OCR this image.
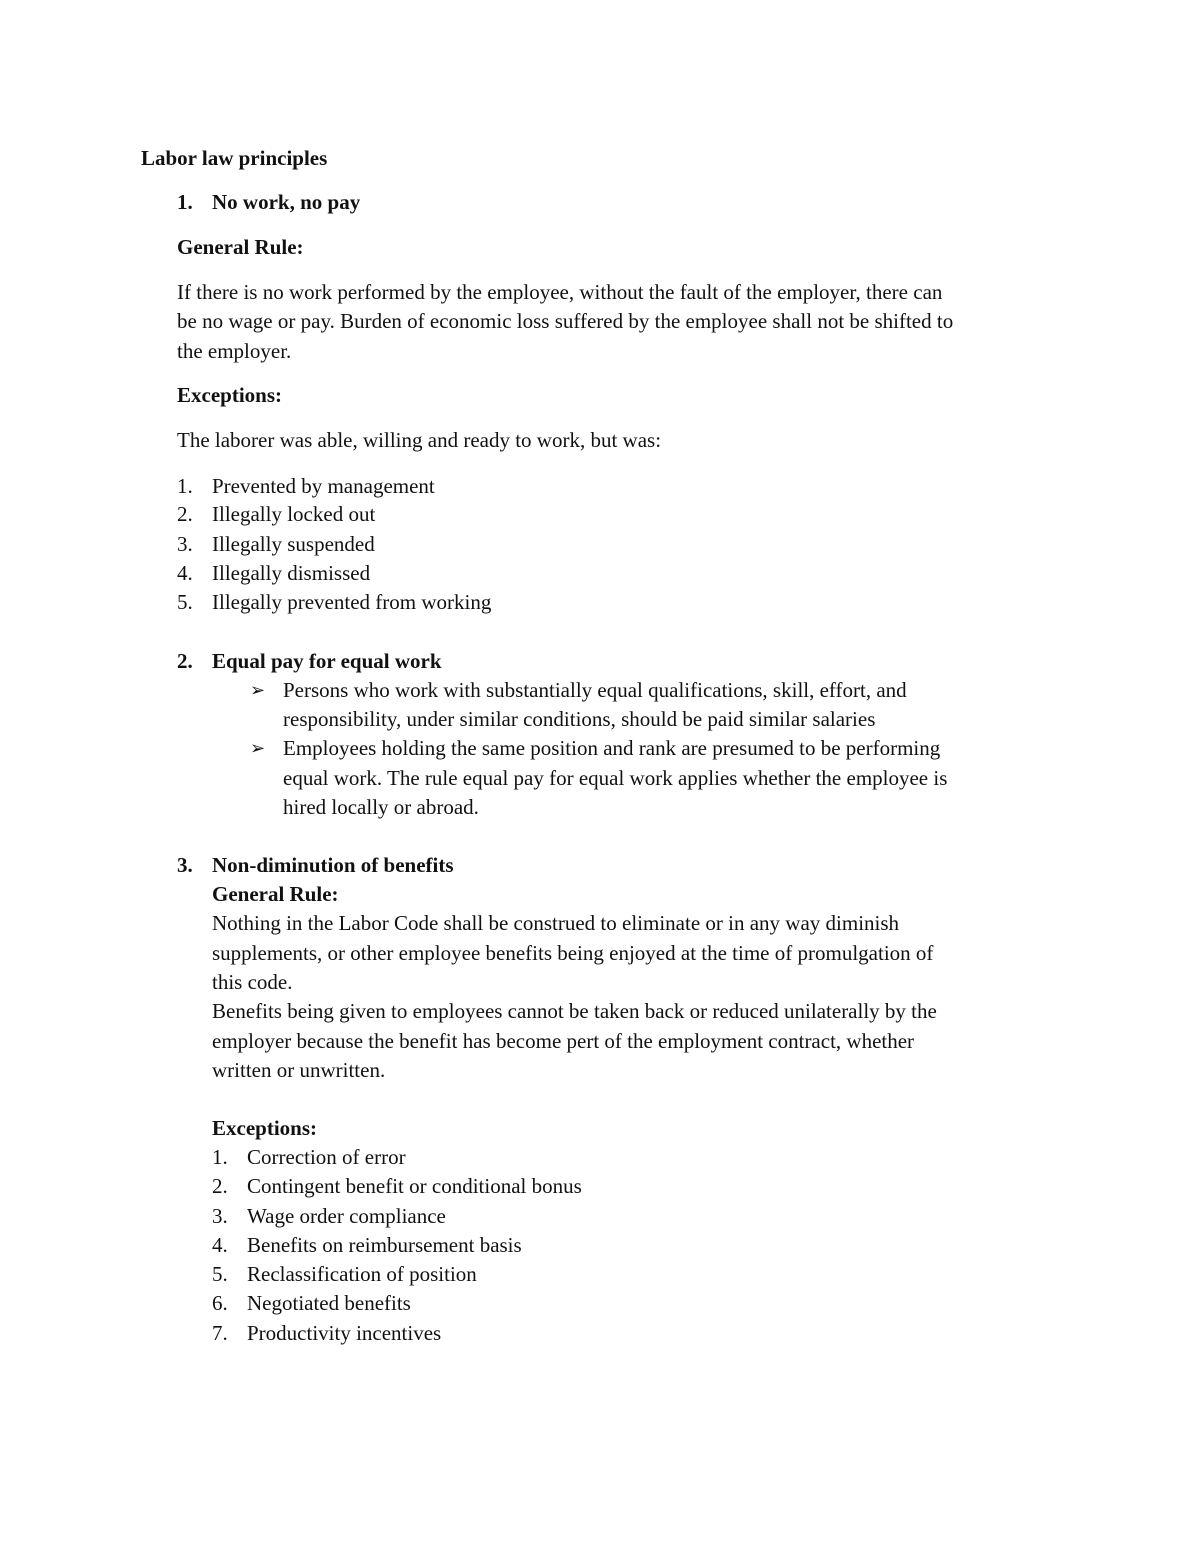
Labor law principles
1. No work, no pay
General Rule:
If there is no work performed by the employee, without the fault of the employer, there can
be no wage or pay. Burden of economic loss suffered by the employee shall not be shifted to
the employer.
Exceptions:
The laborer was able, willing and ready to work, but was:
1. Prevented by management
2. Illegally locked out
3. Illegally suspended
4. Illegally dismissed
5. Illegally prevented from working
2. Equal pay for equal work
➢ Persons who work with substantially equal qualifications, skill, effort, and
responsibility, under similar conditions, should be paid similar salaries
➢ Employees holding the same position and rank are presumed to be performing
equal work. The rule equal pay for equal work applies whether the employee is
hired locally or abroad.
3. Non-diminution of benefits
General Rule:
Nothing in the Labor Code shall be construed to eliminate or in any way diminish
supplements, or other employee benefits being enjoyed at the time of promulgation of
this code.
Benefits being given to employees cannot be taken back or reduced unilaterally by the
employer because the benefit has become pert of the employment contract, whether
written or unwritten.
Exceptions:
1. Correction of error
2. Contingent benefit or conditional bonus
3. Wage order compliance
4. Benefits on reimbursement basis
5. Reclassification of position
6. Negotiated benefits
7. Productivity incentives
